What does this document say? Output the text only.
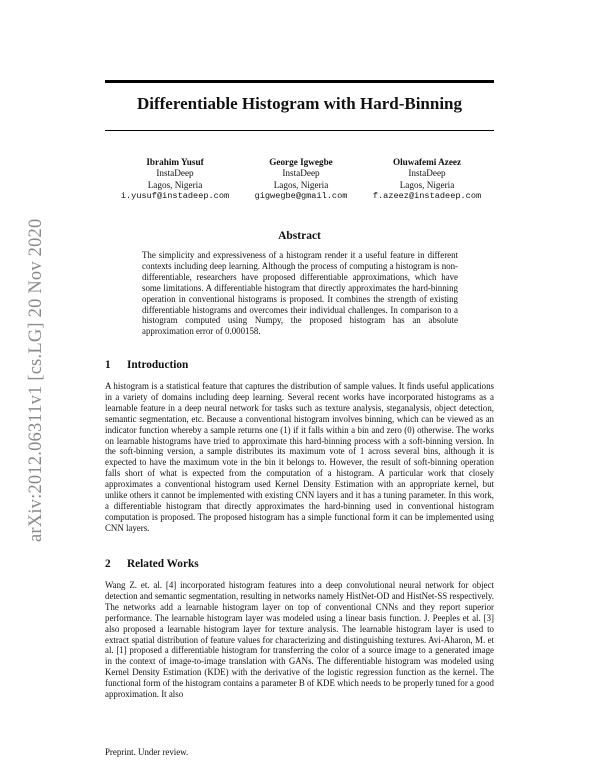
arXiv:2012.06311v1 [cs.LG] 20 Nov 2020
Differentiable Histogram with Hard-Binning
Ibrahim Yusuf
InstaDeep
Lagos, Nigeria
i.yusuf@instadeep.com
George Igwegbe
InstaDeep
Lagos, Nigeria
gigwegbe@gmail.com
Oluwafemi Azeez
InstaDeep
Lagos, Nigeria
f.azeez@instadeep.com
Abstract

The simplicity and expressiveness of a histogram render it a useful feature in different contexts including deep learning. Although the process of computing a histogram is non-differentiable, researchers have proposed differentiable approximations, which have some limitations. A differentiable histogram that directly approximates the hard-binning operation in conventional histograms is proposed. It combines the strength of existing differentiable histograms and overcomes their individual challenges. In comparison to a histogram computed using Numpy, the proposed histogram has an absolute approximation error of 0.000158.

1 Introduction

A histogram is a statistical feature that captures the distribution of sample values. It finds useful applications in a variety of domains including deep learning. Several recent works have incorporated histograms as a learnable feature in a deep neural network for tasks such as texture analysis, steganalysis, object detection, semantic segmentation, etc. Because a conventional histogram involves binning, which can be viewed as an indicator function whereby a sample returns one (1) if it falls within a bin and zero (0) otherwise. The works on learnable histograms have tried to approximate this hard-binning process with a soft-binning version. In the soft-binning version, a sample distributes its maximum vote of 1 across several bins, although it is expected to have the maximum vote in the bin it belongs to. However, the result of soft-binning operation falls short of what is expected from the computation of a histogram. A particular work that closely approximates a conventional histogram used Kernel Density Estimation with an appropriate kernel, but unlike others it cannot be implemented with existing CNN layers and it has a tuning parameter. In this work, a differentiable histogram that directly approximates the hard-binning used in conventional histogram computation is proposed. The proposed histogram has a simple functional form it can be implemented using CNN layers.

2 Related Works

Wang Z. et. al. [4] incorporated histogram features into a deep convolutional neural network for object detection and semantic segmentation, resulting in networks namely HistNet-OD and HistNet-SS respectively. The networks add a learnable histogram layer on top of conventional CNNs and they report superior performance. The learnable histogram layer was modeled using a linear basis function. J. Peeples et al. [3] also proposed a learnable histogram layer for texture analysis. The learnable histogram layer is used to extract spatial distribution of feature values for characterizing and distinguishing textures. Avi-Aharon, M. et al. [1] proposed a differentiable histogram for transferring the color of a source image to a generated image in the context of image-to-image translation with GANs. The differentiable histogram was modeled using Kernel Density Estimation (KDE) with the derivative of the logistic regression function as the kernel. The functional form of the histogram contains a parameter B of KDE which needs to be properly tuned for a good approximation. It also

Preprint. Under review.
